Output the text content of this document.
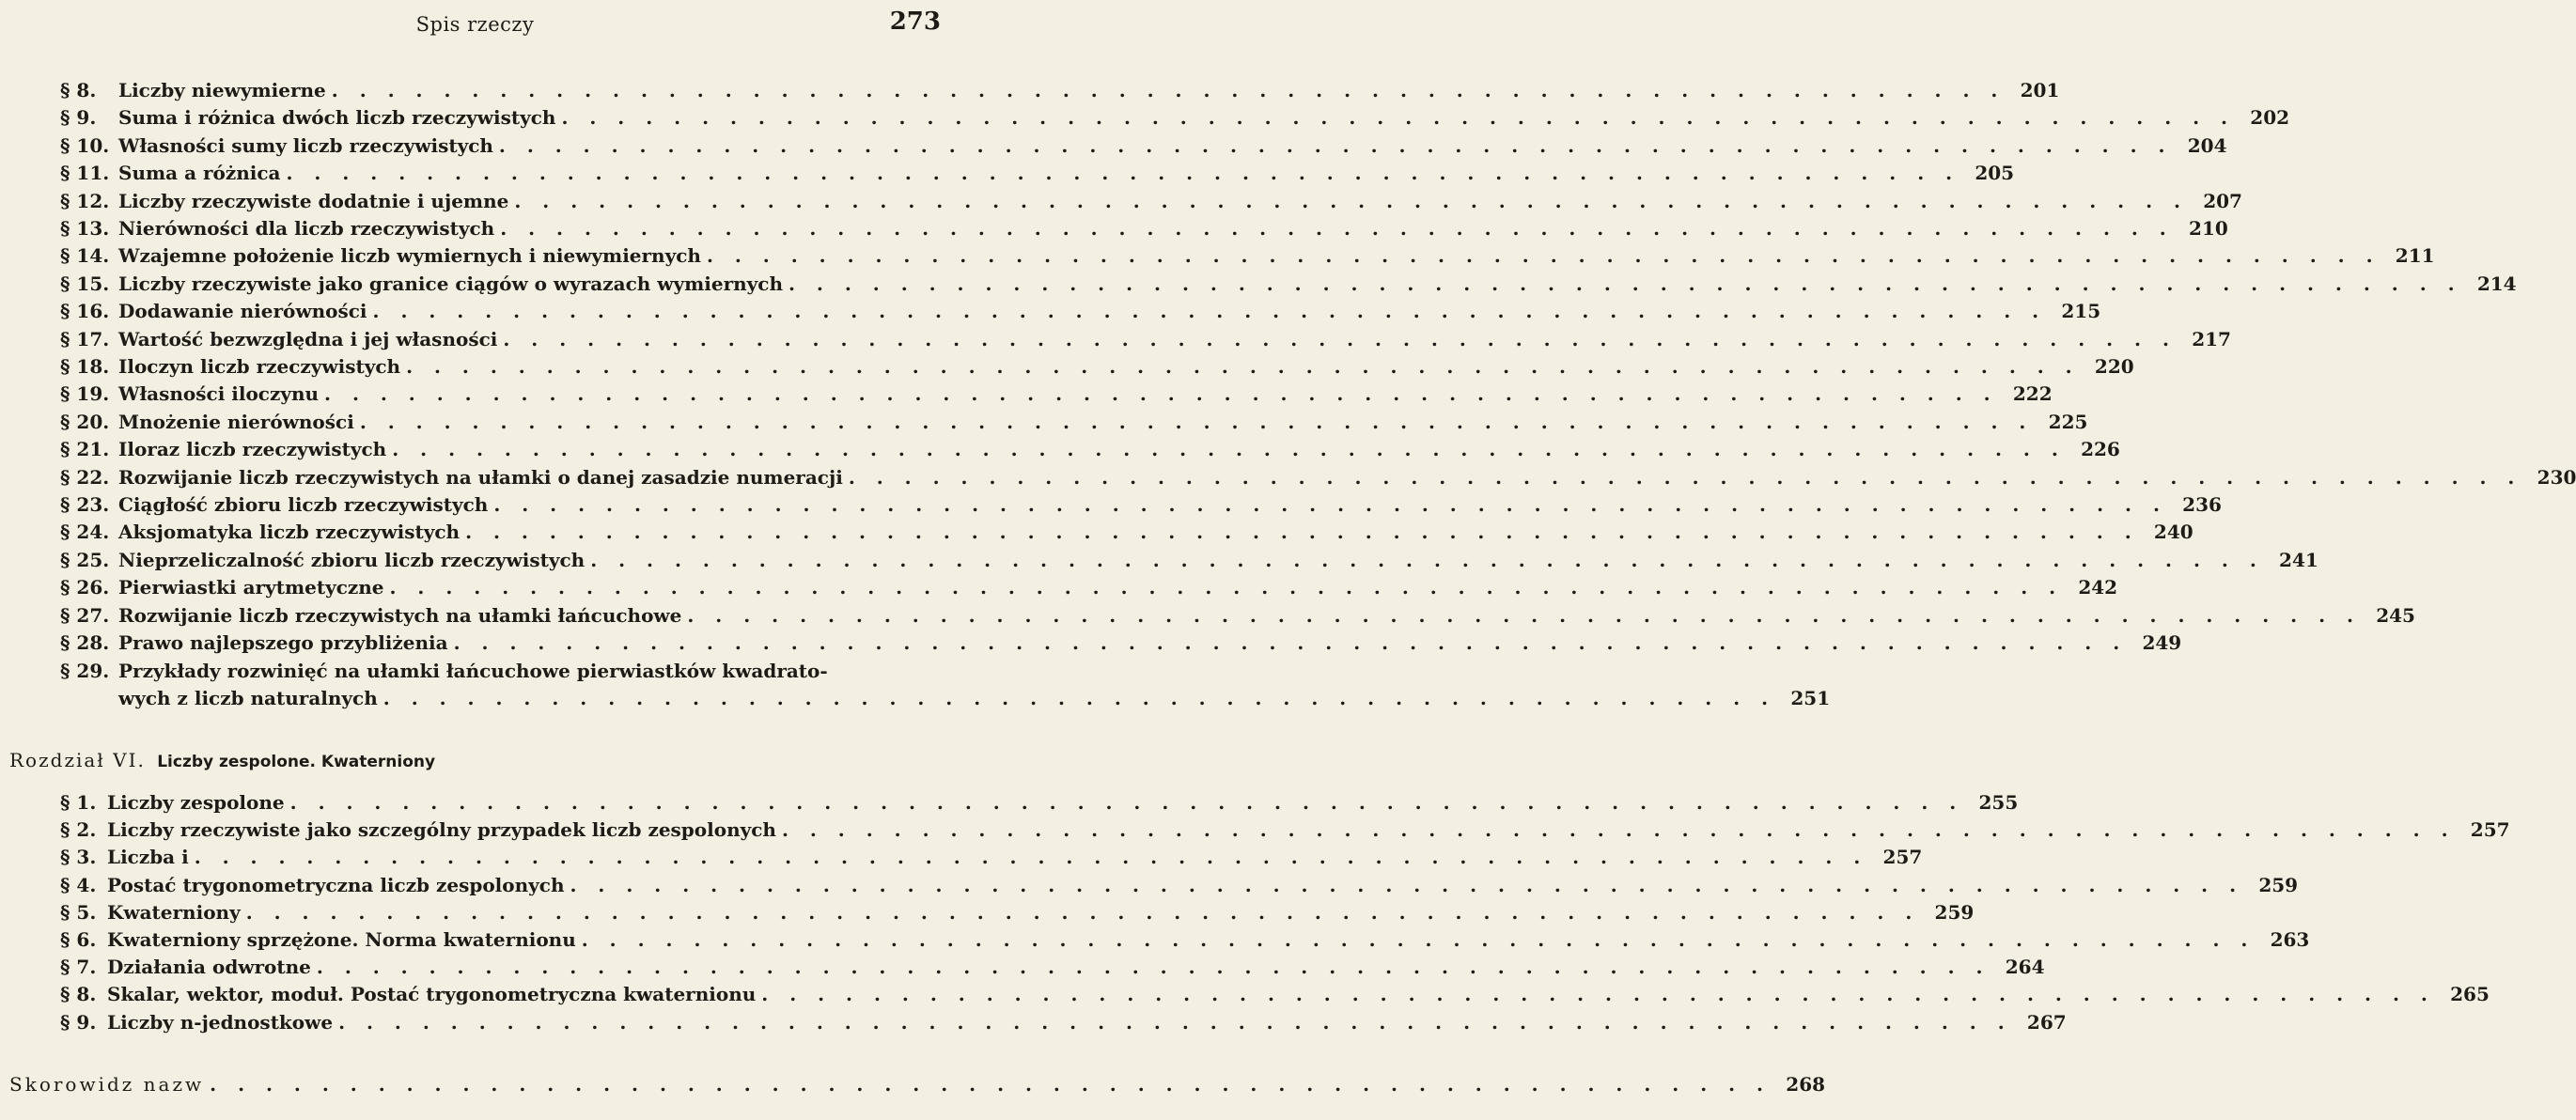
Spis rzeczy	273
§ 8.	Liczby niewymierne . . . . . . . . . . . . . . . . . . . . . . . . . . . . . . . . . . . . . . . . . . . . . . . . . . . . . . . . . . . . 201
§ 9.	Suma i różnica dwóch liczb rzeczywistych . . . . . . . . . . . . . . . . . . . . . . . . . . . . . . . . . . . . . . . . . . . . . . . . . . . . . . . . . . . . 202
§ 10. Własności sumy liczb rzeczywistych . . . . . . . . . . . . . . . . . . . . . . . . . . . . . . . . . . . . . . . . . . . . . . . . . . . . . . . . . . . . 204
§ 11. Suma a różnica . . . . . . . . . . . . . . . . . . . . . . . . . . . . . . . . . . . . . . . . . . . . . . . . . . . . . . . . . . . . 205
§ 12. Liczby rzeczywiste dodatnie i ujemne . . . . . . . . . . . . . . . . . . . . . . . . . . . . . . . . . . . . . . . . . . . . . . . . . . . . . . . . . . . . 207
§ 13. Nierówności dla liczb rzeczywistych . . . . . . . . . . . . . . . . . . . . . . . . . . . . . . . . . . . . . . . . . . . . . . . . . . . . . . . . . . . . 210
§ 14. Wzajemne położenie liczb wymiernych i niewymiernych . . . . . . . . . . . . . . . . . . . . . . . . . . . . . . . . . . . . . . . . . . . . . . . . . . . . . . . . . . . . 211
§ 15. Liczby rzeczywiste jako granice ciągów o wyrazach wymiernych . . . . . . . . . . . . . . . . . . . . . . . . . . . . . . . . . . . . . . . . . . . . . . . . . . . . . . . . . . . . 214
§ 16. Dodawanie nierówności . . . . . . . . . . . . . . . . . . . . . . . . . . . . . . . . . . . . . . . . . . . . . . . . . . . . . . . . . . . . 215
§ 17. Wartość bezwzględna i jej własności . . . . . . . . . . . . . . . . . . . . . . . . . . . . . . . . . . . . . . . . . . . . . . . . . . . . . . . . . . . . 217
§ 18. Iloczyn liczb rzeczywistych . . . . . . . . . . . . . . . . . . . . . . . . . . . . . . . . . . . . . . . . . . . . . . . . . . . . . . . . . . . . 220
§ 19. Własności iloczynu . . . . . . . . . . . . . . . . . . . . . . . . . . . . . . . . . . . . . . . . . . . . . . . . . . . . . . . . . . . . 222
§ 20. Mnożenie nierówności . . . . . . . . . . . . . . . . . . . . . . . . . . . . . . . . . . . . . . . . . . . . . . . . . . . . . . . . . . . . 225
§ 21. Iloraz liczb rzeczywistych . . . . . . . . . . . . . . . . . . . . . . . . . . . . . . . . . . . . . . . . . . . . . . . . . . . . . . . . . . . . 226
§ 22. Rozwijanie liczb rzeczywistych na ułamki o danej zasadzie numeracji . . . . . . . . . . . . . . . . . . . . . . . . . . . . . . . . . . . . . . . . . . . . . . . . . . . . . . . . . . . . 230
§ 23. Ciągłość zbioru liczb rzeczywistych . . . . . . . . . . . . . . . . . . . . . . . . . . . . . . . . . . . . . . . . . . . . . . . . . . . . . . . . . . . . 236
§ 24. Aksjomatyka liczb rzeczywistych . . . . . . . . . . . . . . . . . . . . . . . . . . . . . . . . . . . . . . . . . . . . . . . . . . . . . . . . . . . . 240
§ 25. Nieprzeliczalność zbioru liczb rzeczywistych . . . . . . . . . . . . . . . . . . . . . . . . . . . . . . . . . . . . . . . . . . . . . . . . . . . . . . . . . . . . 241
§ 26. Pierwiastki arytmetyczne . . . . . . . . . . . . . . . . . . . . . . . . . . . . . . . . . . . . . . . . . . . . . . . . . . . . . . . . . . . . 242
§ 27. Rozwijanie liczb rzeczywistych na ułamki łańcuchowe . . . . . . . . . . . . . . . . . . . . . . . . . . . . . . . . . . . . . . . . . . . . . . . . . . . . . . . . . . . . 245
§ 28. Prawo najlepszego przybliżenia . . . . . . . . . . . . . . . . . . . . . . . . . . . . . . . . . . . . . . . . . . . . . . . . . . . . . . . . . . . . 249
§ 29. Przykłady rozwinięć na ułamki łańcuchowe pierwiastków kwadrato-
wych z liczb naturalnych . . . . . . . . . . . . . . . . . . . . . . . . . . . . . . . . . . . . . . . . . . . . . . . . . . 251
Rozdział VI. Liczby zespolone. Kwaterniony
§ 1. Liczby zespolone . . . . . . . . . . . . . . . . . . . . . . . . . . . . . . . . . . . . . . . . . . . . . . . . . . . . . . . . . . . . 255
§ 2. Liczby rzeczywiste jako szczególny przypadek liczb zespolonych . . . . . . . . . . . . . . . . . . . . . . . . . . . . . . . . . . . . . . . . . . . . . . . . . . . . . . . . . . . . 257
§ 3. Liczba i . . . . . . . . . . . . . . . . . . . . . . . . . . . . . . . . . . . . . . . . . . . . . . . . . . . . . . . . . . . . 257
§ 4. Postać trygonometryczna liczb zespolonych . . . . . . . . . . . . . . . . . . . . . . . . . . . . . . . . . . . . . . . . . . . . . . . . . . . . . . . . . . . . 259
§ 5. Kwaterniony . . . . . . . . . . . . . . . . . . . . . . . . . . . . . . . . . . . . . . . . . . . . . . . . . . . . . . . . . . . . 259
§ 6. Kwaterniony sprzężone. Norma kwaternionu . . . . . . . . . . . . . . . . . . . . . . . . . . . . . . . . . . . . . . . . . . . . . . . . . . . . . . . . . . . . 263
§ 7. Działania odwrotne . . . . . . . . . . . . . . . . . . . . . . . . . . . . . . . . . . . . . . . . . . . . . . . . . . . . . . . . . . . . 264
§ 8. Skalar, wektor, moduł. Postać trygonometryczna kwaternionu . . . . . . . . . . . . . . . . . . . . . . . . . . . . . . . . . . . . . . . . . . . . . . . . . . . . . . . . . . . . 265
§ 9. Liczby n-jednostkowe . . . . . . . . . . . . . . . . . . . . . . . . . . . . . . . . . . . . . . . . . . . . . . . . . . . . . . . . . . . . 267
Skorowidz nazw . . . . . . . . . . . . . . . . . . . . . . . . . . . . . . . . . . . . . . . . . . . . . . . . . . . . . . . . 268
